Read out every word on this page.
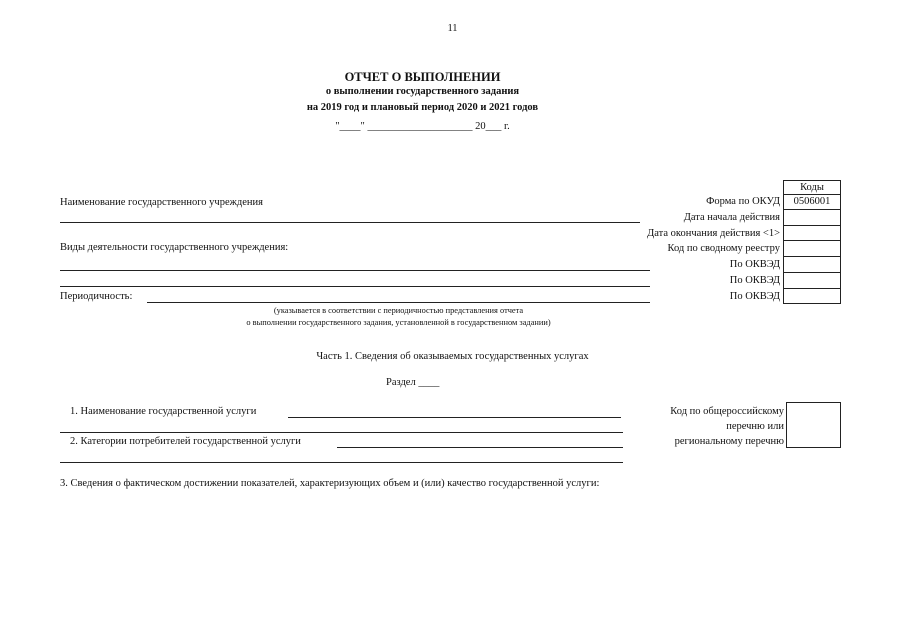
11
ОТЧЕТ О ВЫПОЛНЕНИИ
о выполнении государственного задания
на 2019 год и плановый период 2020 и 2021 годов
"____" ____________________ 20___ г.
Коды
Форма по ОКУД	0506001
Дата начала действия
Дата окончания действия <1>
Код по сводному реестру
По ОКВЭД
По ОКВЭД
По ОКВЭД
Наименование государственного учреждения
Виды деятельности государственного учреждения:
Периодичность:
(указывается в соответствии с периодичностью представления отчета
о выполнении государственного задания, установленной в государственном задании)
Часть 1. Сведения об оказываемых государственных услугах
Раздел ____
1. Наименование государственной услуги
2. Категории потребителей государственной услуги
Код по общероссийскому
перечню или
региональному перечню
3. Сведения о фактическом достижении показателей, характеризующих объем и (или) качество государственной услуги:
